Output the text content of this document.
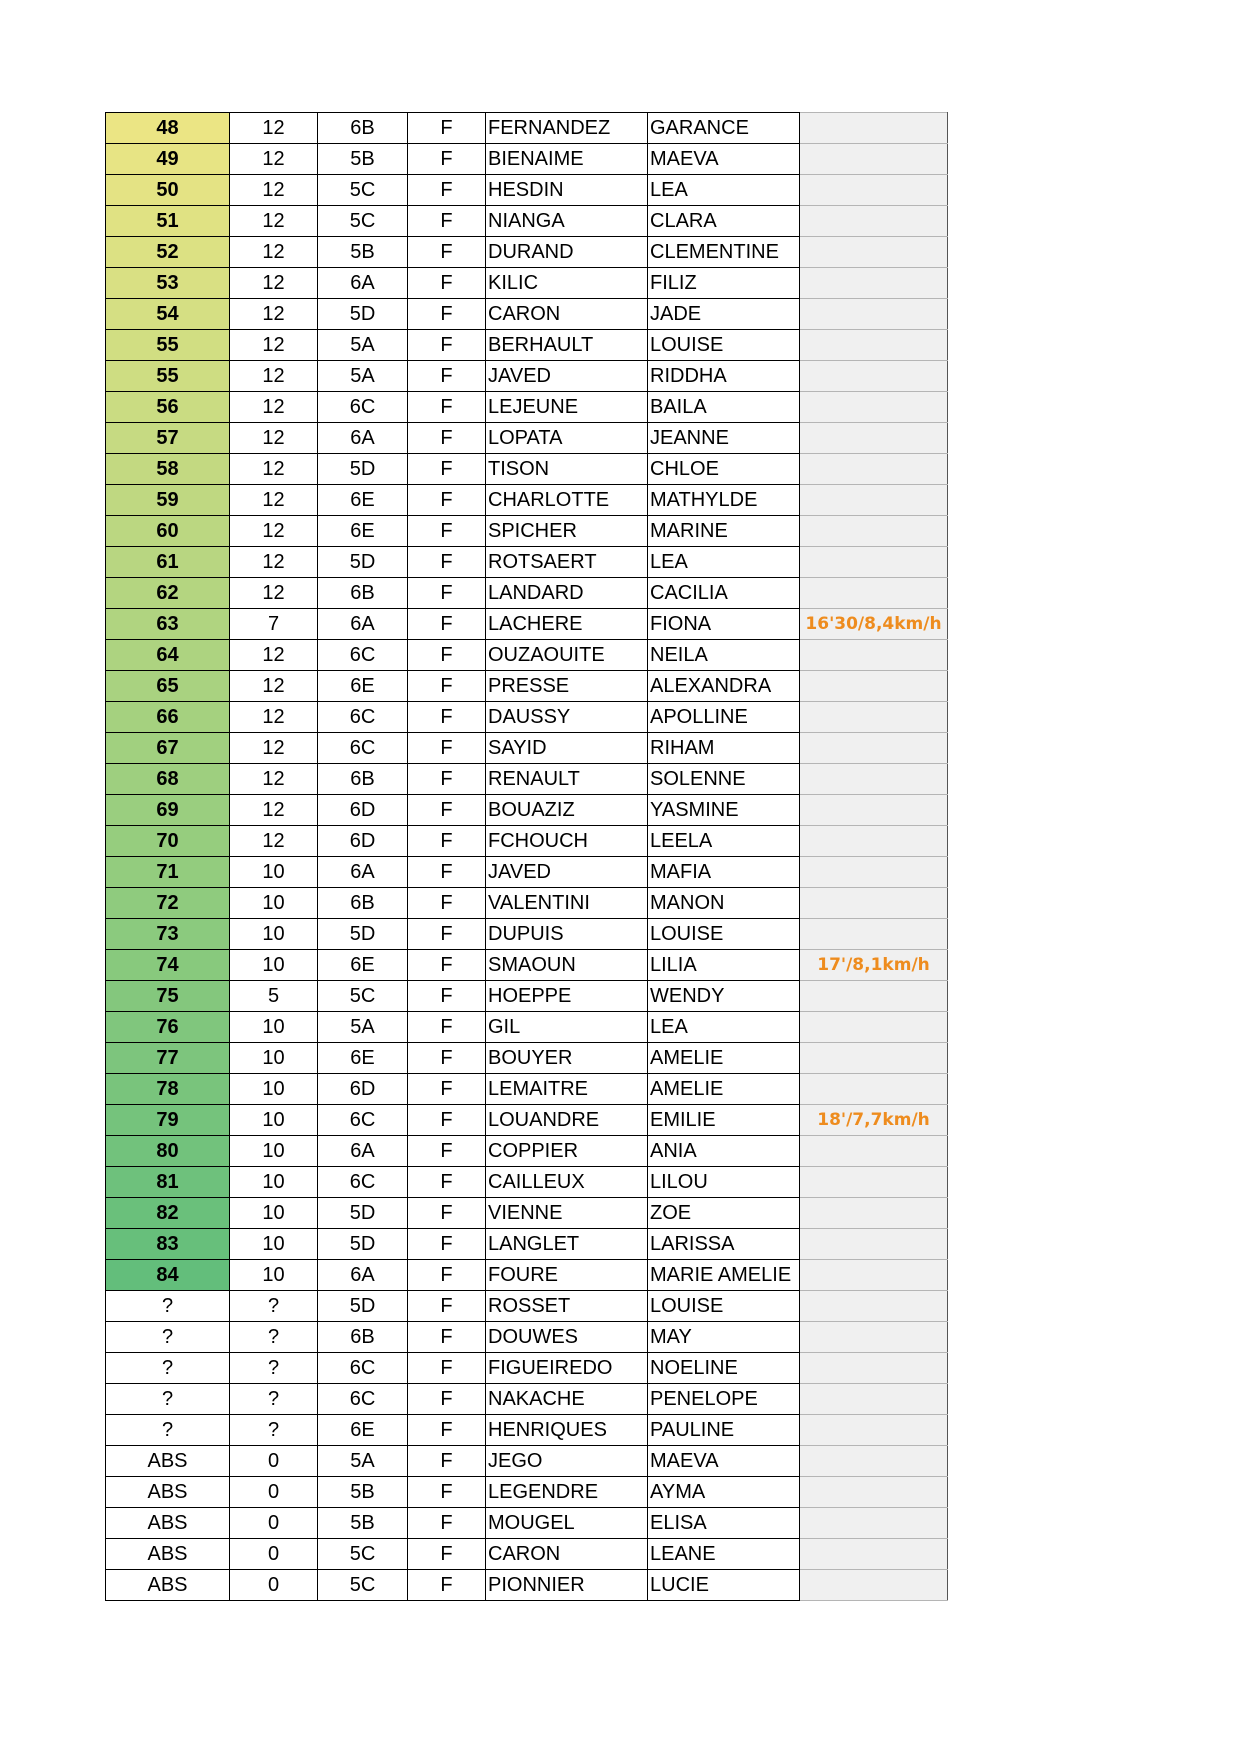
48	12	6B	F	FERNANDEZ	GARANCE	
49	12	5B	F	BIENAIME	MAEVA	
50	12	5C	F	HESDIN	LEA	
51	12	5C	F	NIANGA	CLARA	
52	12	5B	F	DURAND	CLEMENTINE	
53	12	6A	F	KILIC	FILIZ	
54	12	5D	F	CARON	JADE	
55	12	5A	F	BERHAULT	LOUISE	
55	12	5A	F	JAVED	RIDDHA	
56	12	6C	F	LEJEUNE	BAILA	
57	12	6A	F	LOPATA	JEANNE	
58	12	5D	F	TISON	CHLOE	
59	12	6E	F	CHARLOTTE	MATHYLDE	
60	12	6E	F	SPICHER	MARINE	
61	12	5D	F	ROTSAERT	LEA	
62	12	6B	F	LANDARD	CACILIA	
63	7	6A	F	LACHERE	FIONA	16'30/8,4km/h
64	12	6C	F	OUZAOUITE	NEILA	
65	12	6E	F	PRESSE	ALEXANDRA	
66	12	6C	F	DAUSSY	APOLLINE	
67	12	6C	F	SAYID	RIHAM	
68	12	6B	F	RENAULT	SOLENNE	
69	12	6D	F	BOUAZIZ	YASMINE	
70	12	6D	F	FCHOUCH	LEELA	
71	10	6A	F	JAVED	MAFIA	
72	10	6B	F	VALENTINI	MANON	
73	10	5D	F	DUPUIS	LOUISE	
74	10	6E	F	SMAOUN	LILIA	17'/8,1km/h
75	5	5C	F	HOEPPE	WENDY	
76	10	5A	F	GIL	LEA	
77	10	6E	F	BOUYER	AMELIE	
78	10	6D	F	LEMAITRE	AMELIE	
79	10	6C	F	LOUANDRE	EMILIE	18'/7,7km/h
80	10	6A	F	COPPIER	ANIA	
81	10	6C	F	CAILLEUX	LILOU	
82	10	5D	F	VIENNE	ZOE	
83	10	5D	F	LANGLET	LARISSA	
84	10	6A	F	FOURE	MARIE AMELIE	
?	?	5D	F	ROSSET	LOUISE	
?	?	6B	F	DOUWES	MAY	
?	?	6C	F	FIGUEIREDO	NOELINE	
?	?	6C	F	NAKACHE	PENELOPE	
?	?	6E	F	HENRIQUES	PAULINE	
ABS	0	5A	F	JEGO	MAEVA	
ABS	0	5B	F	LEGENDRE	AYMA	
ABS	0	5B	F	MOUGEL	ELISA	
ABS	0	5C	F	CARON	LEANE	
ABS	0	5C	F	PIONNIER	LUCIE	
